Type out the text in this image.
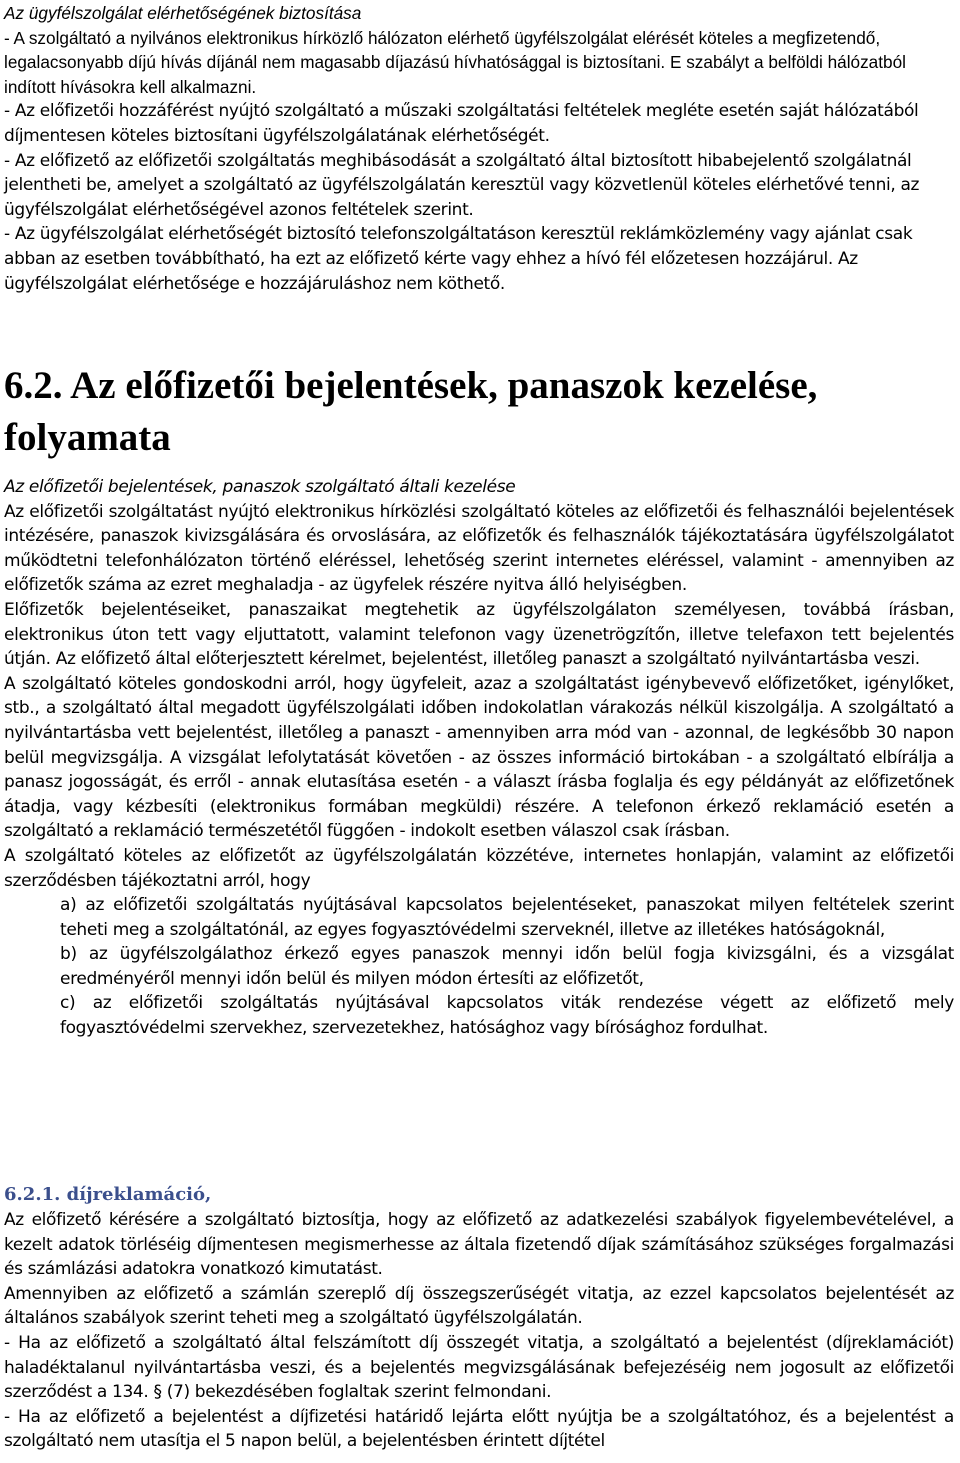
Az ügyfélszolgálat elérhetőségének biztosítása

- A szolgáltató a nyilvános elektronikus hírközlő hálózaton elérhető ügyfélszolgálat elérését köteles a megfizetendő, legalacsonyabb díjú hívás díjánál nem magasabb díjazású hívhatósággal is biztosítani. E szabályt a belföldi hálózatból indított hívásokra kell alkalmazni.

- Az előfizetői hozzáférést nyújtó szolgáltató a műszaki szolgáltatási feltételek megléte esetén saját hálózatából díjmentesen köteles biztosítani ügyfélszolgálatának elérhetőségét.

- Az előfizető az előfizetői szolgáltatás meghibásodását a szolgáltató által biztosított hibabejelentő szolgálatnál jelentheti be, amelyet a szolgáltató az ügyfélszolgálatán keresztül vagy közvetlenül köteles elérhetővé tenni, az ügyfélszolgálat elérhetőségével azonos feltételek szerint.

- Az ügyfélszolgálat elérhetőségét biztosító telefonszolgáltatáson keresztül reklámközlemény vagy ajánlat csak abban az esetben továbbítható, ha ezt az előfizető kérte vagy ehhez a hívó fél előzetesen hozzájárul. Az ügyfélszolgálat elérhetősége e hozzájáruláshoz nem köthető.

6.2. Az előfizetői bejelentések, panaszok kezelése, folyamata

Az előfizetői bejelentések, panaszok szolgáltató általi kezelése

Az előfizetői szolgáltatást nyújtó elektronikus hírközlési szolgáltató köteles az előfizetői és felhasználói bejelentések intézésére, panaszok kivizsgálására és orvoslására, az előfizetők és felhasználók tájékoztatására ügyfélszolgálatot működtetni telefonhálózaton történő eléréssel, lehetőség szerint internetes eléréssel, valamint - amennyiben az előfizetők száma az ezret meghaladja - az ügyfelek részére nyitva álló helyiségben.

Előfizetők bejelentéseiket, panaszaikat megtehetik az ügyfélszolgálaton személyesen, továbbá írásban, elektronikus úton tett vagy eljuttatott, valamint telefonon vagy üzenetrögzítőn, illetve telefaxon tett bejelentés útján. Az előfizető által előterjesztett kérelmet, bejelentést, illetőleg panaszt a szolgáltató nyilvántartásba veszi.

A szolgáltató köteles gondoskodni arról, hogy ügyfeleit, azaz a szolgáltatást igénybevevő előfizetőket, igénylőket, stb., a szolgáltató által megadott ügyfélszolgálati időben indokolatlan várakozás nélkül kiszolgálja. A szolgáltató a nyilvántartásba vett bejelentést, illetőleg a panaszt - amennyiben arra mód van - azonnal, de legkésőbb 30 napon belül megvizsgálja. A vizsgálat lefolytatását követően - az összes információ birtokában - a szolgáltató elbírálja a panasz jogosságát, és erről - annak elutasítása esetén - a választ írásba foglalja és egy példányát az előfizetőnek átadja, vagy kézbesíti (elektronikus formában megküldi) részére. A telefonon érkező reklamáció esetén a szolgáltató a reklamáció természetétől függően - indokolt esetben válaszol csak írásban.

A szolgáltató köteles az előfizetőt az ügyfélszolgálatán közzétéve, internetes honlapján, valamint az előfizetői szerződésben tájékoztatni arról, hogy

a) az előfizetői szolgáltatás nyújtásával kapcsolatos bejelentéseket, panaszokat milyen feltételek szerint teheti meg a szolgáltatónál, az egyes fogyasztóvédelmi szerveknél, illetve az illetékes hatóságoknál,

b) az ügyfélszolgálathoz érkező egyes panaszok mennyi időn belül fogja kivizsgálni, és a vizsgálat eredményéről mennyi időn belül és milyen módon értesíti az előfizetőt,

c) az előfizetői szolgáltatás nyújtásával kapcsolatos viták rendezése végett az előfizető mely fogyasztóvédelmi szervekhez, szervezetekhez, hatósághoz vagy bírósághoz fordulhat.

6.2.1. díjreklamáció,

Az előfizető kérésére a szolgáltató biztosítja, hogy az előfizető az adatkezelési szabályok figyelembevételével, a kezelt adatok törléséig díjmentesen megismerhesse az általa fizetendő díjak számításához szükséges forgalmazási és számlázási adatokra vonatkozó kimutatást.

Amennyiben az előfizető a számlán szereplő díj összegszerűségét vitatja, az ezzel kapcsolatos bejelentését az általános szabályok szerint teheti meg a szolgáltató ügyfélszolgálatán.

- Ha az előfizető a szolgáltató által felszámított díj összegét vitatja, a szolgáltató a bejelentést (díjreklamációt) haladéktalanul nyilvántartásba veszi, és a bejelentés megvizsgálásának befejezéséig nem jogosult az előfizetői szerződést a 134. § (7) bekezdésében foglaltak szerint felmondani.

- Ha az előfizető a bejelentést a díjfizetési határidő lejárta előtt nyújtja be a szolgáltatóhoz, és a bejelentést a szolgáltató nem utasítja el 5 napon belül, a bejelentésben érintett díjtétel
